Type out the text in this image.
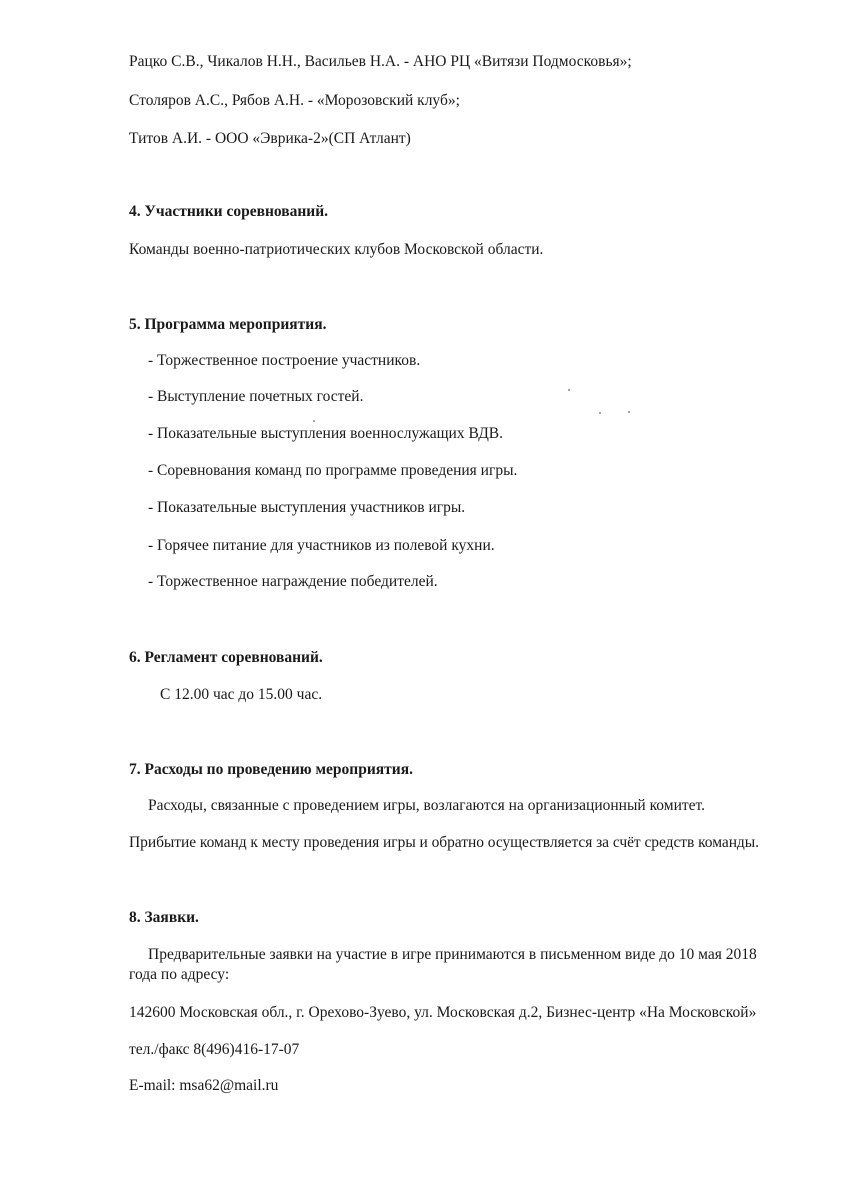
Рацко С.В., Чикалов Н.Н., Васильев Н.А. - АНО РЦ «Витязи Подмосковья»;
Столяров А.С., Рябов А.Н. - «Морозовский клуб»;
Титов А.И. - ООО «Эврика-2»(СП Атлант)
4. Участники соревнований.
Команды военно-патриотических клубов Московской области.
5. Программа мероприятия.
- Торжественное построение участников.
- Выступление почетных гостей.
- Показательные выступления военнослужащих ВДВ.
- Соревнования команд по программе проведения игры.
- Показательные выступления участников игры.
- Горячее питание для участников из полевой кухни.
- Торжественное награждение победителей.
6. Регламент соревнований.
С 12.00 час до 15.00 час.
7. Расходы по проведению мероприятия.
Расходы, связанные с проведением игры, возлагаются на организационный комитет.
Прибытие команд к месту проведения игры и обратно осуществляется за счёт средств команды.
8. Заявки.
Предварительные заявки на участие в игре принимаются в письменном виде до 10 мая 2018
года по адресу:
142600 Московская обл., г. Орехово-Зуево, ул. Московская д.2, Бизнес-центр «На Московской»
тел./факс 8(496)416-17-07
E-mail: msa62@mail.ru
